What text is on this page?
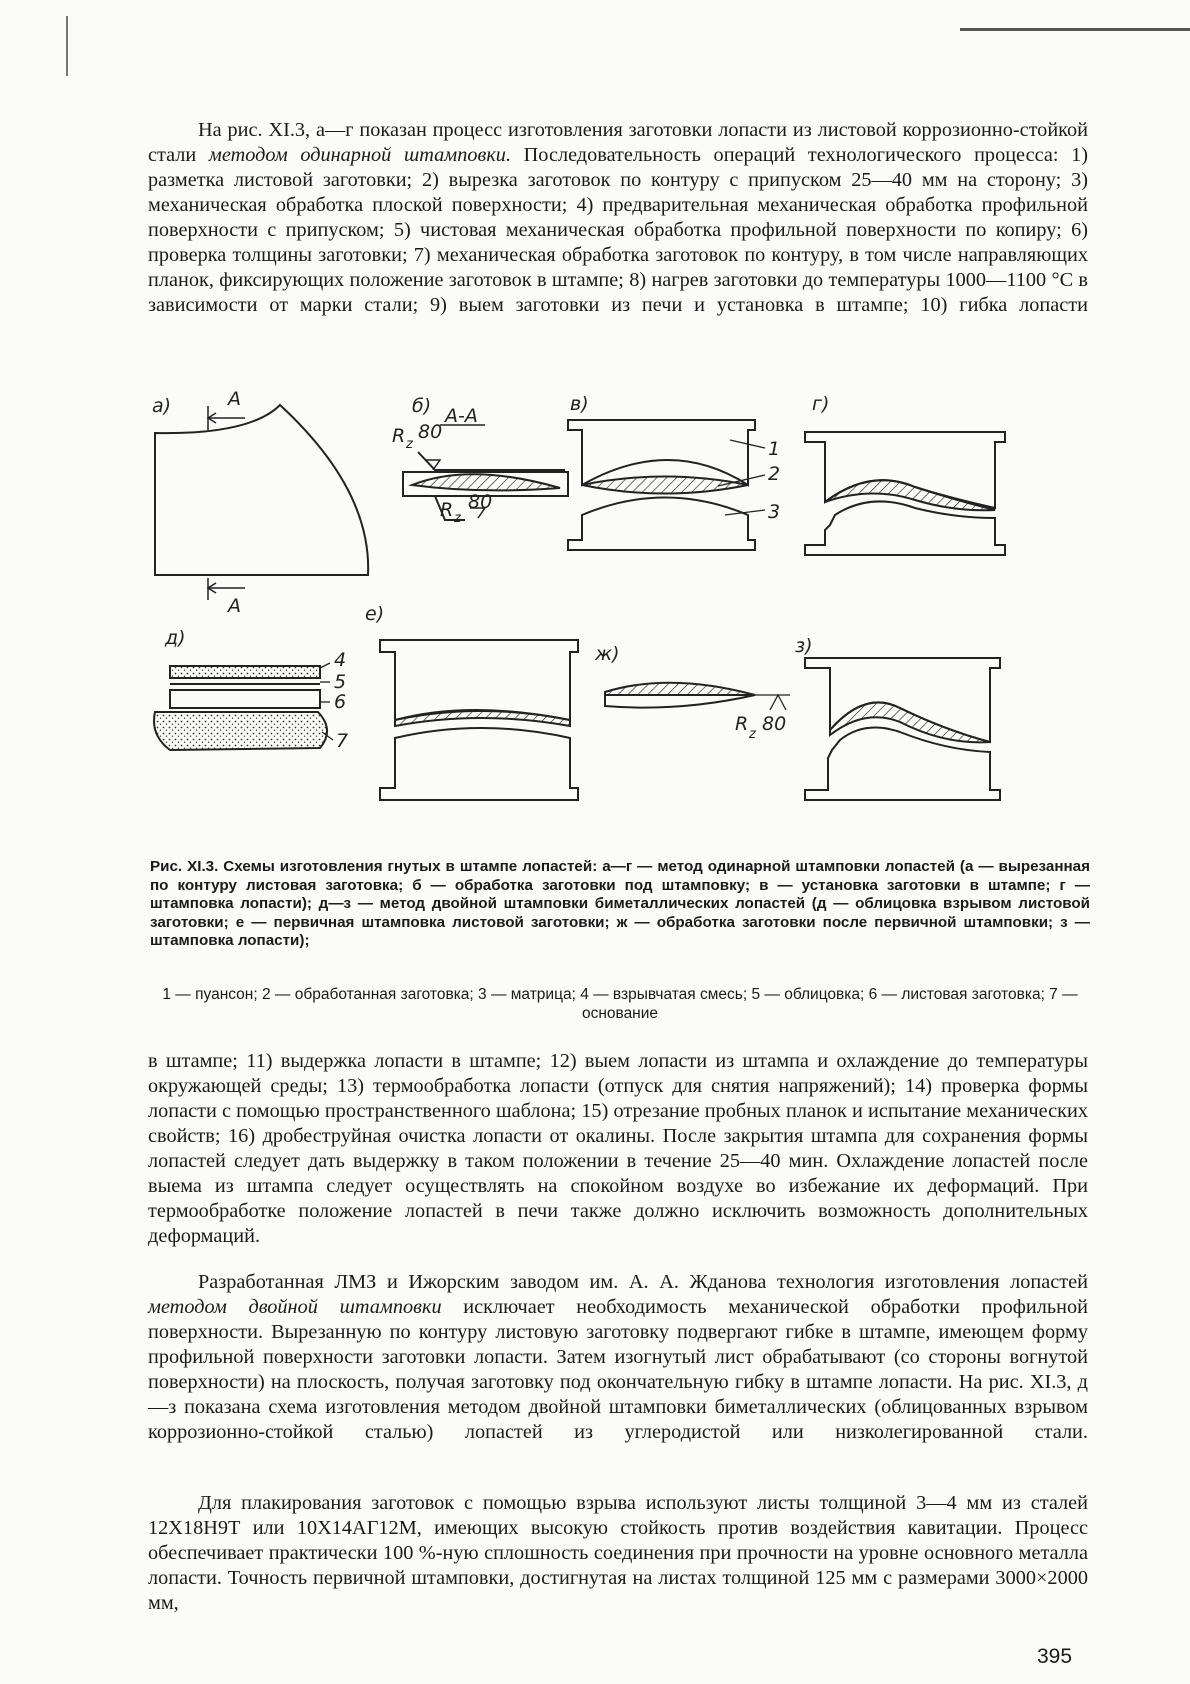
На рис. XI.3, а—г показан процесс изготовления заготовки лопасти из листовой коррозионно-стойкой стали методом одинарной штамповки. Последовательность операций технологического процесса: 1) разметка листовой заготовки; 2) вырезка заготовок по контуру с припуском 25—40 мм на сторону; 3) механическая обработка плоской поверхности; 4) предварительная механическая обработка профильной поверхности с припуском; 5) чистовая механическая обработка профильной поверхности по копиру; 6) проверка толщины заготовки; 7) механическая обработка заготовок по контуру, в том числе направляющих планок, фиксирующих положение заготовок в штампе; 8) нагрев заготовки до температуры 1000—1100 °С в зависимости от марки стали; 9) выем заготовки из печи и установка в штампе; 10) гибка лопасти

а)	б)	в)	г)
д)
е)
ж)	з)
А
А
А-А
R z
80
R z
80
R z 80
1
2
3
4
5
6
7

Рис. XI.3. Схемы изготовления гнутых в штампе лопастей: а—г — метод одинарной штамповки лопастей (а — вырезанная по контуру листовая заготовка; б — обработка заготовки под штамповку; в — установка заготовки в штампе; г — штамповка лопасти); д—з — метод двойной штамповки биметаллических лопастей (д — облицовка взрывом листовой заготовки; е — первичная штамповка листовой заготовки; ж — обработка заготовки после первичной штамповки; з — штамповка лопасти);

1 — пуансон; 2 — обработанная заготовка; 3 — матрица; 4 — взрывчатая смесь; 5 — облицовка; 6 — листовая заготовка; 7 — основание

в штампе; 11) выдержка лопасти в штампе; 12) выем лопасти из штампа и охлаждение до температуры окружающей среды; 13) термообработка лопасти (отпуск для снятия напряжений); 14) проверка формы лопасти с помощью пространственного шаблона; 15) отрезание пробных планок и испытание механических свойств; 16) дробеструйная очистка лопасти от окалины. После закрытия штампа для сохранения формы лопастей следует дать выдержку в таком положении в течение 25—40 мин. Охлаждение лопастей после выема из штампа следует осуществлять на спокойном воздухе во избежание их деформаций. При термообработке положение лопастей в печи также должно исключить возможность дополнительных деформаций.

Разработанная ЛМЗ и Ижорским заводом им. А. А. Жданова технология изготовления лопастей методом двойной штамповки исключает необходимость механической обработки профильной поверхности. Вырезанную по контуру листовую заготовку подвергают гибке в штампе, имеющем форму профильной поверхности заготовки лопасти. Затем изогнутый лист обрабатывают (со стороны вогнутой поверхности) на плоскость, получая заготовку под окончательную гибку в штампе лопасти. На рис. XI.3, д—з показана схема изготовления методом двойной штамповки биметаллических (облицованных взрывом коррозионно-стойкой сталью) лопастей из углеродистой или низколегированной стали.

Для плакирования заготовок с помощью взрыва используют листы толщиной 3—4 мм из сталей 12Х18Н9Т или 10Х14АГ12М, имеющих высокую стойкость против воздействия кавитации. Процесс обеспечивает практически 100 %-ную сплошность соединения при прочности на уровне основного металла лопасти. Точность первичной штамповки, достигнутая на листах толщиной 125 мм с размерами 3000×2000 мм,

395
